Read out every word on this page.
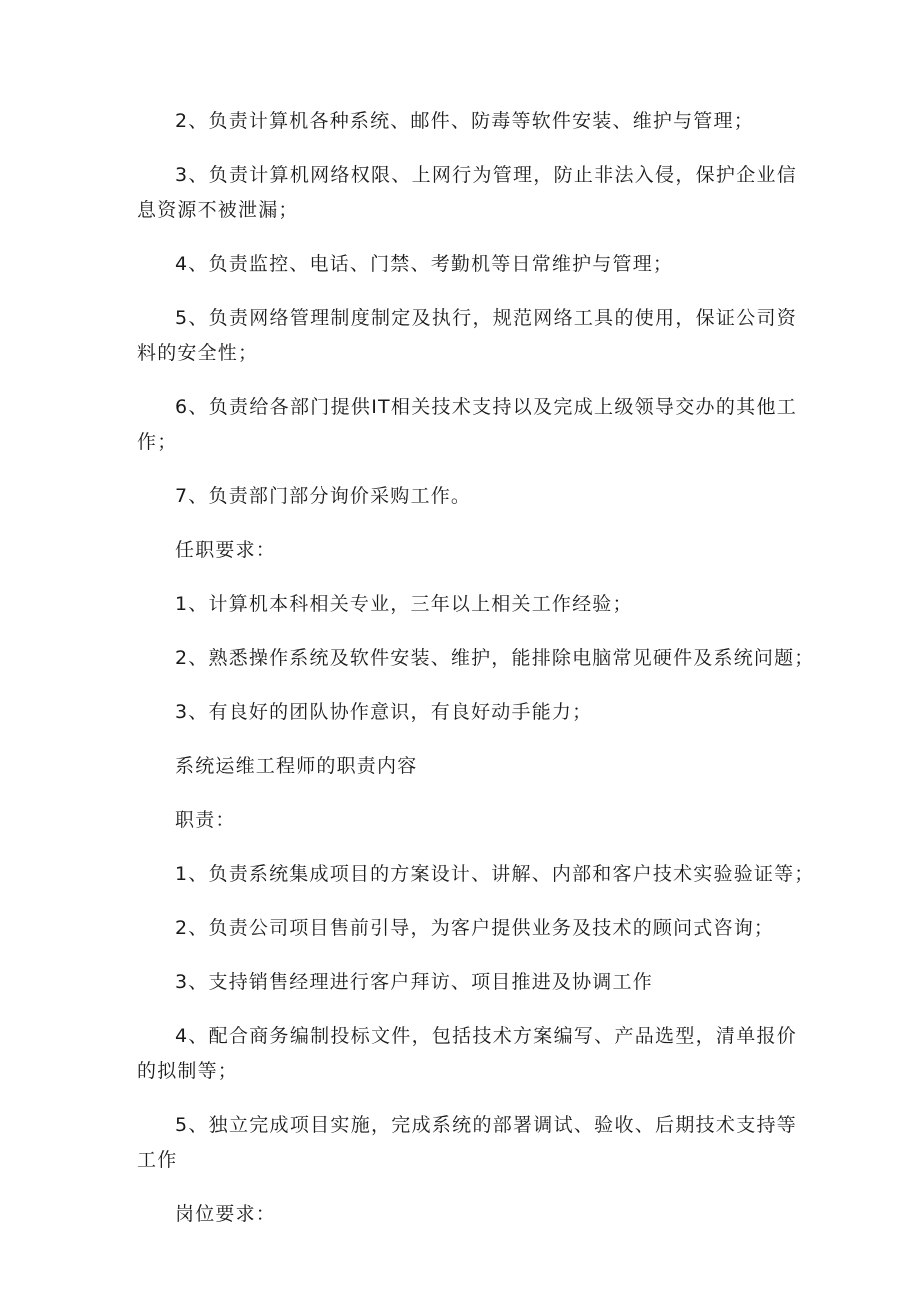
2、负责计算机各种系统、邮件、防毒等软件安装、维护与管理；

3、负责计算机网络权限、上网行为管理，防止非法入侵，保护企业信息资源不被泄漏；

4、负责监控、电话、门禁、考勤机等日常维护与管理；

5、负责网络管理制度制定及执行，规范网络工具的使用，保证公司资料的安全性；

6、负责给各部门提供IT相关技术支持以及完成上级领导交办的其他工作；

7、负责部门部分询价采购工作。

任职要求：

1、计算机本科相关专业，三年以上相关工作经验；

2、熟悉操作系统及软件安装、维护，能排除电脑常见硬件及系统问题；

3、有良好的团队协作意识，有良好动手能力；

系统运维工程师的职责内容

职责：

1、负责系统集成项目的方案设计、讲解、内部和客户技术实验验证等；

2、负责公司项目售前引导，为客户提供业务及技术的顾问式咨询；

3、支持销售经理进行客户拜访、项目推进及协调工作

4、配合商务编制投标文件，包括技术方案编写、产品选型，清单报价的拟制等；

5、独立完成项目实施，完成系统的部署调试、验收、后期技术支持等工作

岗位要求：
